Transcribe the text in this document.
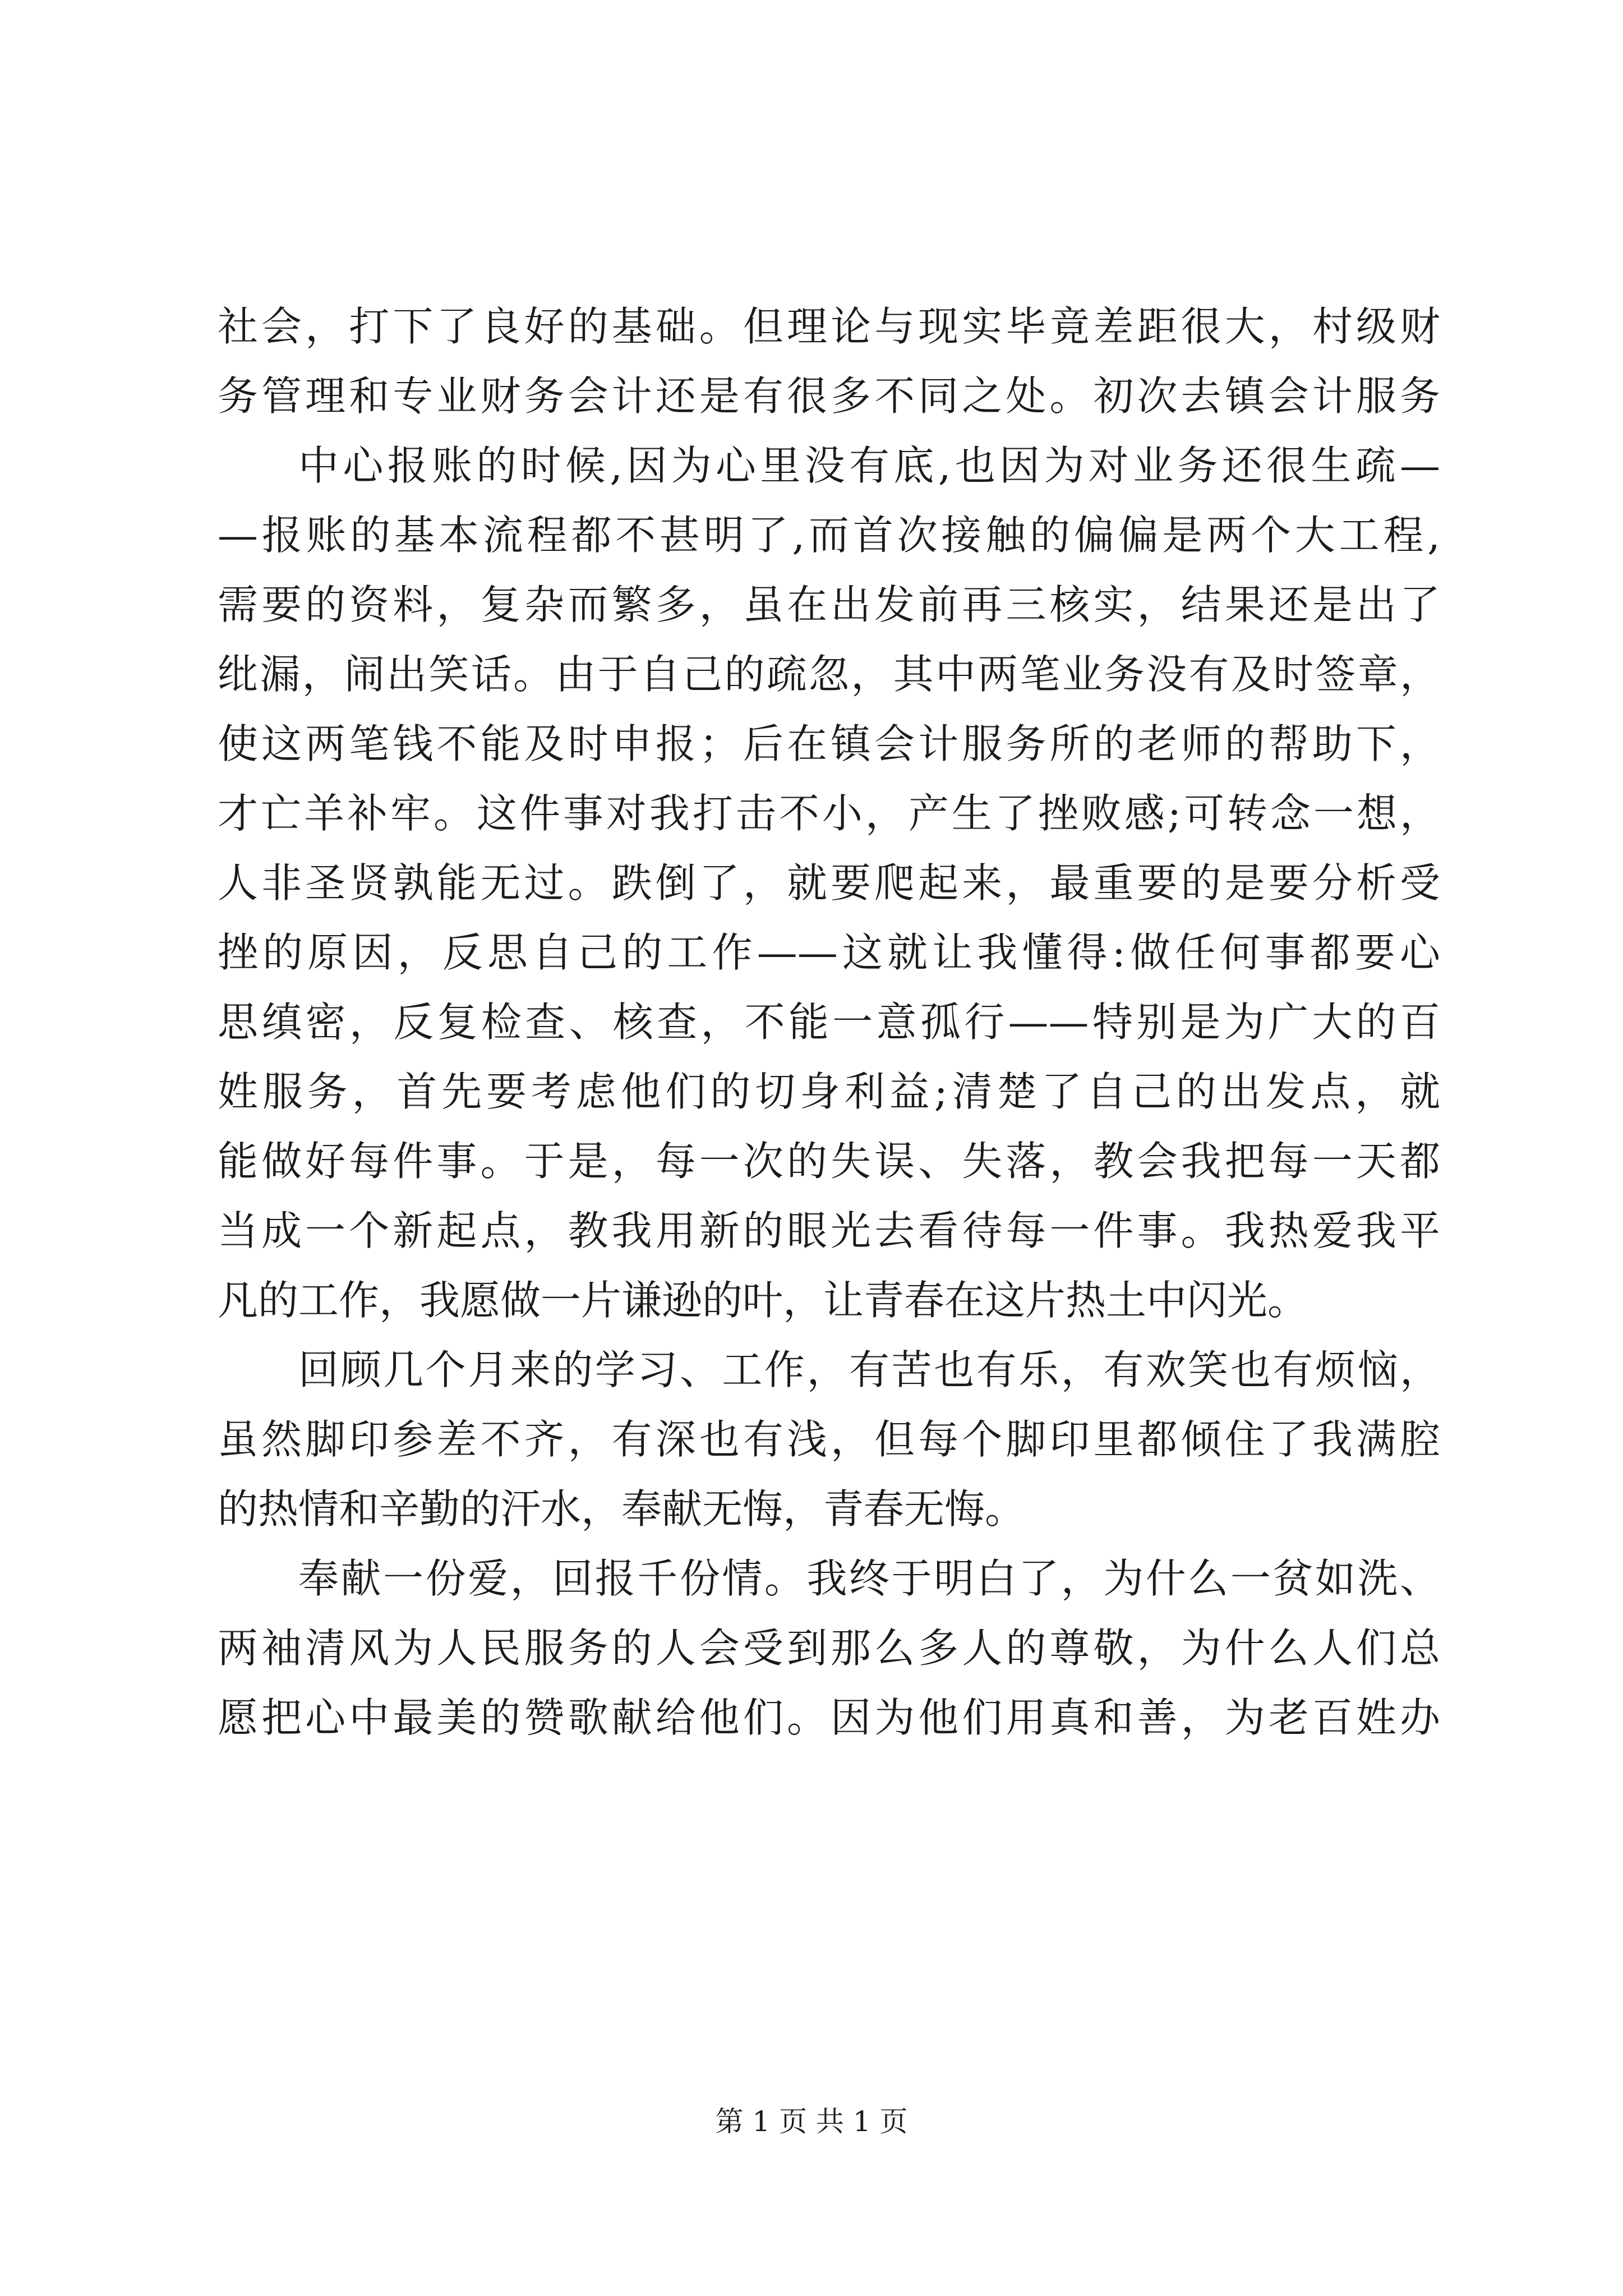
社会，打下了良好的基础。但理论与现实毕竟差距很大，村级财
务管理和专业财务会计还是有很多不同之处。初次去镇会计服务
中心报账的时候,因为心里没有底,也因为对业务还很生疏—
—报账的基本流程都不甚明了,而首次接触的偏偏是两个大工程,
需要的资料，复杂而繁多，虽在出发前再三核实，结果还是出了
纰漏，闹出笑话。由于自己的疏忽，其中两笔业务没有及时签章，
使这两笔钱不能及时申报；后在镇会计服务所的老师的帮助下，
才亡羊补牢。这件事对我打击不小，产生了挫败感;可转念一想，
人非圣贤孰能无过。跌倒了，就要爬起来，最重要的是要分析受
挫的原因，反思自己的工作——这就让我懂得:做任何事都要心
思缜密，反复检查、核查，不能一意孤行——特别是为广大的百
姓服务，首先要考虑他们的切身利益;清楚了自己的出发点，就
能做好每件事。于是，每一次的失误、失落，教会我把每一天都
当成一个新起点，教我用新的眼光去看待每一件事。我热爱我平
凡的工作，我愿做一片谦逊的叶，让青春在这片热土中闪光。
回顾几个月来的学习、工作，有苦也有乐，有欢笑也有烦恼，
虽然脚印参差不齐，有深也有浅，但每个脚印里都倾住了我满腔
的热情和辛勤的汗水，奉献无悔，青春无悔。
奉献一份爱，回报千份情。我终于明白了，为什么一贫如洗、
两袖清风为人民服务的人会受到那么多人的尊敬，为什么人们总
愿把心中最美的赞歌献给他们。因为他们用真和善，为老百姓办
第 1 页 共 1 页
